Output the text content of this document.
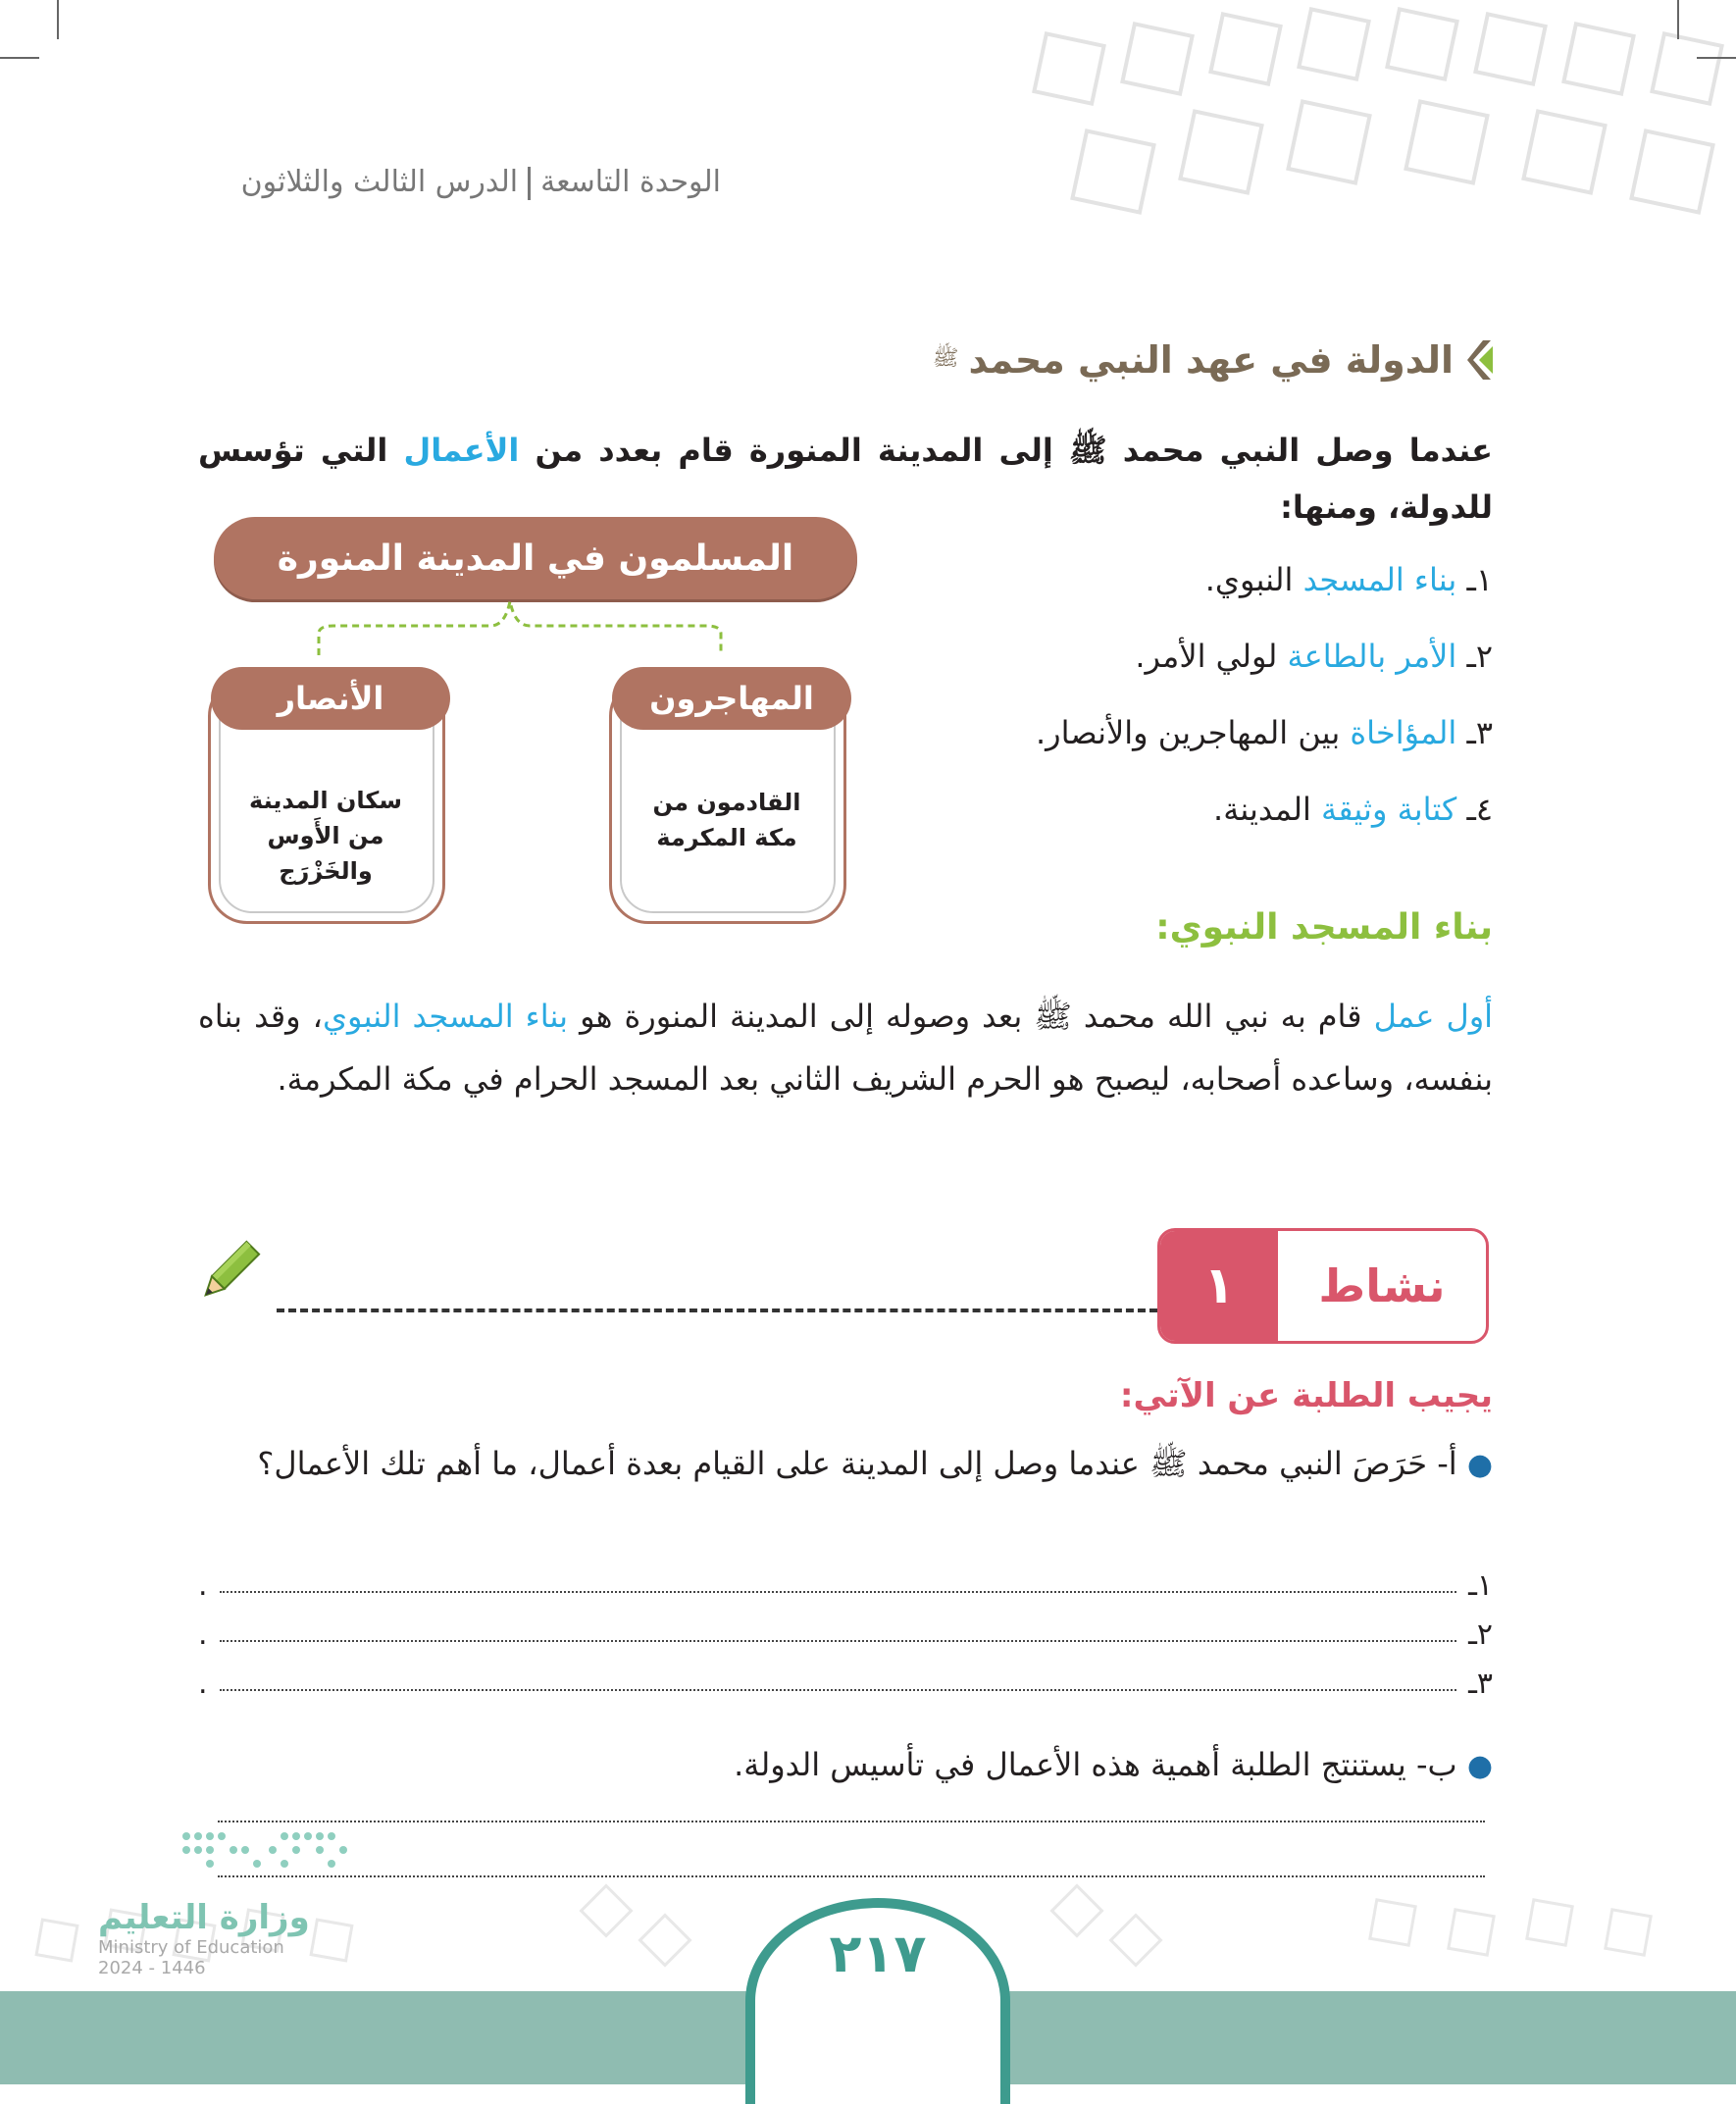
الوحدة التاسعةالدرس الثالث والثلاثون
الدولة في عهد النبي محمد
ﷺ
عندما وصل النبي محمد ﷺ إلى المدينة المنورة قام بعدد من الأعمال التي تؤسس للدولة، ومنها:
١ـ بناء المسجد النبوي.
٢ـ الأمر بالطاعة لولي الأمر.
٣ـ المؤاخاة بين المهاجرين والأنصار.
٤ـ كتابة وثيقة المدينة.
المسلمون في المدينة المنورة
المهاجرون
القادمون من
مكة المكرمة
الأنصار
سكان المدينة
من الأَوس
والخَزْرَج
بناء المسجد النبوي:
أول عمل قام به نبي الله محمد ﷺ بعد وصوله إلى المدينة المنورة هو بناء المسجد النبوي، وقد بناه بنفسه، وساعده أصحابه، ليصبح هو الحرم الشريف الثاني بعد المسجد الحرام في مكة المكرمة.
١	نشاط
يجيب الطلبة عن الآتي:
● أ- حَرَصَ النبي محمد ﷺ عندما وصل إلى المدينة على القيام بعدة أعمال، ما أهم تلك الأعمال؟
١ـ
.
٢ـ
.
٣ـ
.
● ب- يستنتج الطلبة أهمية هذه الأعمال في تأسيس الدولة.
٢١٧
وزارة التعليم
Ministry of Education
2024 - 1446
